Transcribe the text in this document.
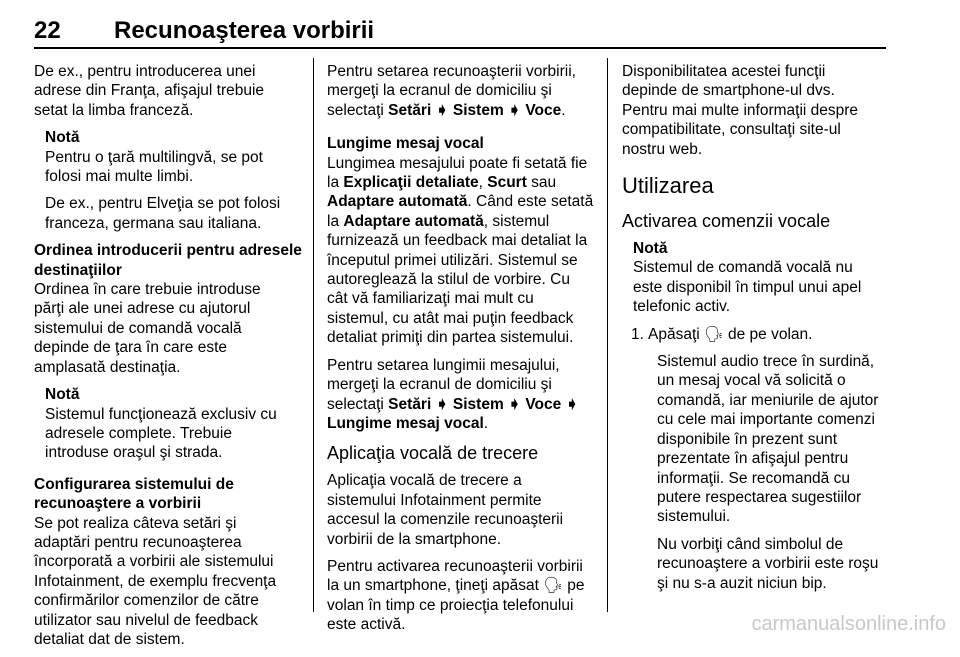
22 Recunoaşterea vorbirii

De ex., pentru introducerea unei
adrese din Franţa, afişajul trebuie
setat la limba franceză.

Notă

Pentru o ţară multilingvă, se pot
folosi mai multe limbi.

De ex., pentru Elveţia se pot folosi
franceza, germana sau italiana.

Ordinea introducerii pentru adresele
destinaţiilor

Ordinea în care trebuie introduse
părţi ale unei adrese cu ajutorul
sistemului de comandă vocală
depinde de ţara în care este
amplasată destinaţia.

Notă

Sistemul funcţionează exclusiv cu
adresele complete. Trebuie
introduse oraşul şi strada.

Configurarea sistemului de
recunoaştere a vorbirii

Se pot realiza câteva setări şi
adaptări pentru recunoaşterea
încorporată a vorbirii ale sistemului
Infotainment, de exemplu frecvenţa
confirmărilor comenzilor de către
utilizator sau nivelul de feedback
detaliat dat de sistem.

Pentru setarea recunoaşterii vorbirii,
mergeţi la ecranul de domiciliu şi
selectaţi Setări ➧ Sistem ➧ Voce.

Lungime mesaj vocal

Lungimea mesajului poate fi setată fie
la Explicaţii detaliate, Scurt sau
Adaptare automată. Când este setată
la Adaptare automată, sistemul
furnizează un feedback mai detaliat la
începutul primei utilizări. Sistemul se
autoreglează la stilul de vorbire. Cu
cât vă familiarizaţi mai mult cu
sistemul, cu atât mai puţin feedback
detaliat primiţi din partea sistemului.

Pentru setarea lungimii mesajului,
mergeţi la ecranul de domiciliu şi
selectaţi Setări ➧ Sistem ➧ Voce ➧
Lungime mesaj vocal.

Aplicaţia vocală de trecere

Aplicaţia vocală de trecere a
sistemului Infotainment permite
accesul la comenzile recunoaşterii
vorbirii de la smartphone.

Pentru activarea recunoaşterii vorbirii
la un smartphone, ţineţi apăsat 🗣 pe
volan în timp ce proiecţia telefonului
este activă.

Disponibilitatea acestei funcţii
depinde de smartphone-ul dvs.
Pentru mai multe informaţii despre
compatibilitate, consultaţi site-ul
nostru web.

Utilizarea
Activarea comenzii vocale
Notă

Sistemul de comandă vocală nu
este disponibil în timpul unui apel
telefonic activ.

1. Apăsaţi 🗣 de pe volan.

Sistemul audio trece în surdină,
un mesaj vocal vă solicită o
comandă, iar meniurile de ajutor
cu cele mai importante comenzi
disponibile în prezent sunt
prezentate în afişajul pentru
informaţii. Se recomandă cu
putere respectarea sugestiilor
sistemului.

Nu vorbiţi când simbolul de
recunoaştere a vorbirii este roşu
şi nu s-a auzit niciun bip.

carmanualsonline.info
